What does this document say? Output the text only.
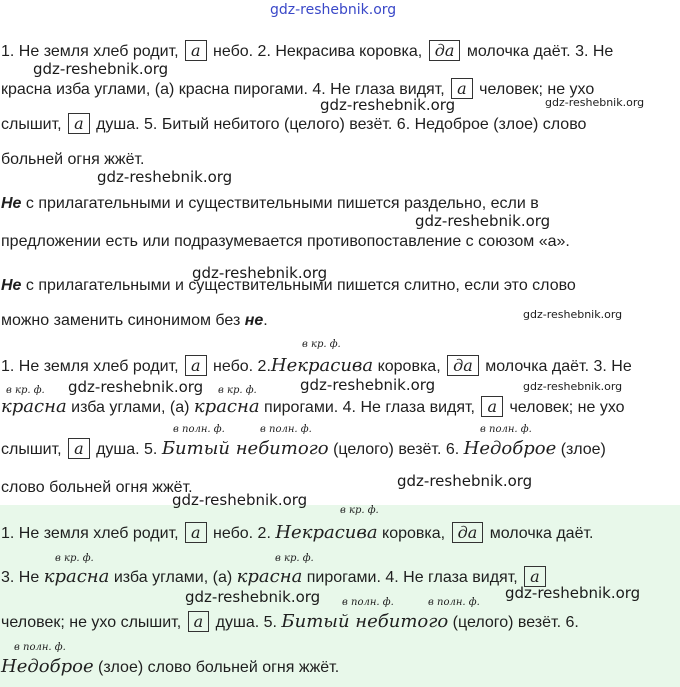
gdz-reshebnik.org
gdz-reshebnik.org
gdz-reshebnik.org	gdz-reshebnik.org
gdz-reshebnik.org
gdz-reshebnik.org
gdz-reshebnik.org
gdz-reshebnik.org
gdz-reshebnik.org	gdz-reshebnik.org	gdz-reshebnik.org
gdz-reshebnik.org
gdz-reshebnik.org
gdz-reshebnik.org	gdz-reshebnik.org
1. Не земля хлеб родит, а небо. 2. Некрасива коровка, да молочка даёт. 3. Не
красна изба углами, (а) красна пирогами. 4. Не глаза видят, а человек; не ухо
слышит, а душа. 5. Битый небитого (целого) везёт. 6. Недоброе (злое) слово
больней огня жжёт.
Не с прилагательными и существительными пишется раздельно, если в
предложении есть или подразумевается противопоставление с союзом «а».
Не с прилагательными и существительными пишется слитно, если это слово
можно заменить синонимом без не.
в кр. ф.
1. Не земля хлеб родит, а небо. 2.Некрасива коровка, да молочка даёт. 3. Не
в кр. ф.	в кр. ф.
красна изба углами, (а) красна пирогами. 4. Не глаза видят, а человек; не ухо
в полн. ф.	в полн. ф.	в полн. ф.
слышит, а душа. 5. Битый небитого (целого) везёт. 6. Недоброе (злое)
слово больней огня жжёт.
в кр. ф.
1. Не земля хлеб родит, а небо. 2. Некрасива коровка, да молочка даёт.
в кр. ф.	в кр. ф.
3. Не красна изба углами, (а) красна пирогами. 4. Не глаза видят, а
в полн. ф.	в полн. ф.
человек; не ухо слышит, а душа. 5. Битый небитого (целого) везёт. 6.
в полн. ф.
Недоброе (злое) слово больней огня жжёт.
